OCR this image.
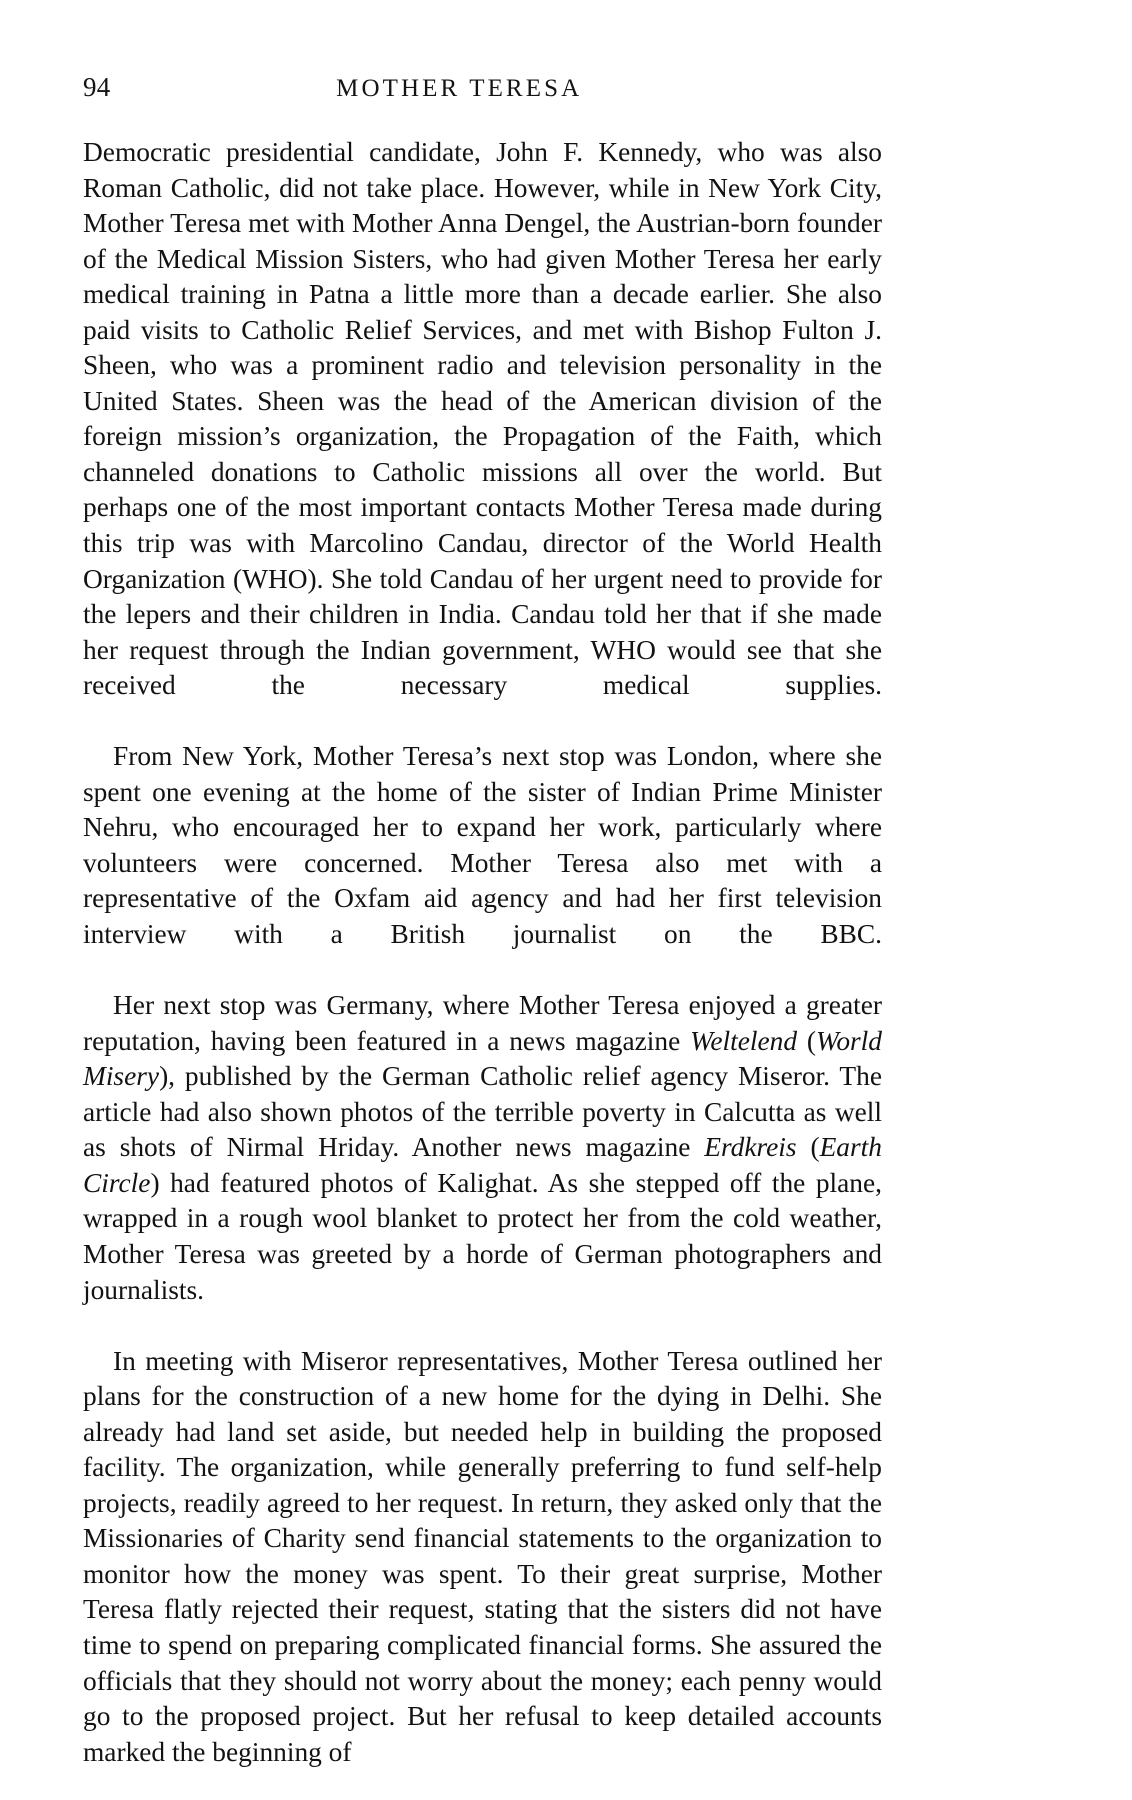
94	MOTHER TERESA

Democratic presidential candidate, John F. Kennedy, who was also Roman Catholic, did not take place. However, while in New York City, Mother Teresa met with Mother Anna Dengel, the Austrian-born founder of the Medical Mission Sisters, who had given Mother Teresa her early medical training in Patna a little more than a decade earlier. She also paid visits to Catholic Relief Services, and met with Bishop Fulton J. Sheen, who was a prominent radio and television personality in the United States. Sheen was the head of the American division of the foreign mission’s organization, the Propagation of the Faith, which channeled donations to Catholic missions all over the world. But perhaps one of the most important contacts Mother Teresa made during this trip was with Marcolino Candau, director of the World Health Organization (WHO). She told Candau of her urgent need to provide for the lepers and their children in India. Candau told her that if she made her request through the Indian government, WHO would see that she received the necessary medical supplies.

From New York, Mother Teresa’s next stop was London, where she spent one evening at the home of the sister of Indian Prime Minister Nehru, who encouraged her to expand her work, particularly where volunteers were concerned. Mother Teresa also met with a representative of the Oxfam aid agency and had her first television interview with a British journalist on the BBC.

Her next stop was Germany, where Mother Teresa enjoyed a greater reputation, having been featured in a news magazine Weltelend (World Misery), published by the German Catholic relief agency Miseror. The article had also shown photos of the terrible poverty in Calcutta as well as shots of Nirmal Hriday. Another news magazine Erdkreis (Earth Circle) had featured photos of Kalighat. As she stepped off the plane, wrapped in a rough wool blanket to protect her from the cold weather, Mother Teresa was greeted by a horde of German photographers and journalists.

In meeting with Miseror representatives, Mother Teresa outlined her plans for the construction of a new home for the dying in Delhi. She already had land set aside, but needed help in building the proposed facility. The organization, while generally preferring to fund self-help projects, readily agreed to her request. In return, they asked only that the Missionaries of Charity send financial statements to the organization to monitor how the money was spent. To their great surprise, Mother Teresa flatly rejected their request, stating that the sisters did not have time to spend on preparing complicated financial forms. She assured the officials that they should not worry about the money; each penny would go to the proposed project. But her refusal to keep detailed accounts marked the beginning of
